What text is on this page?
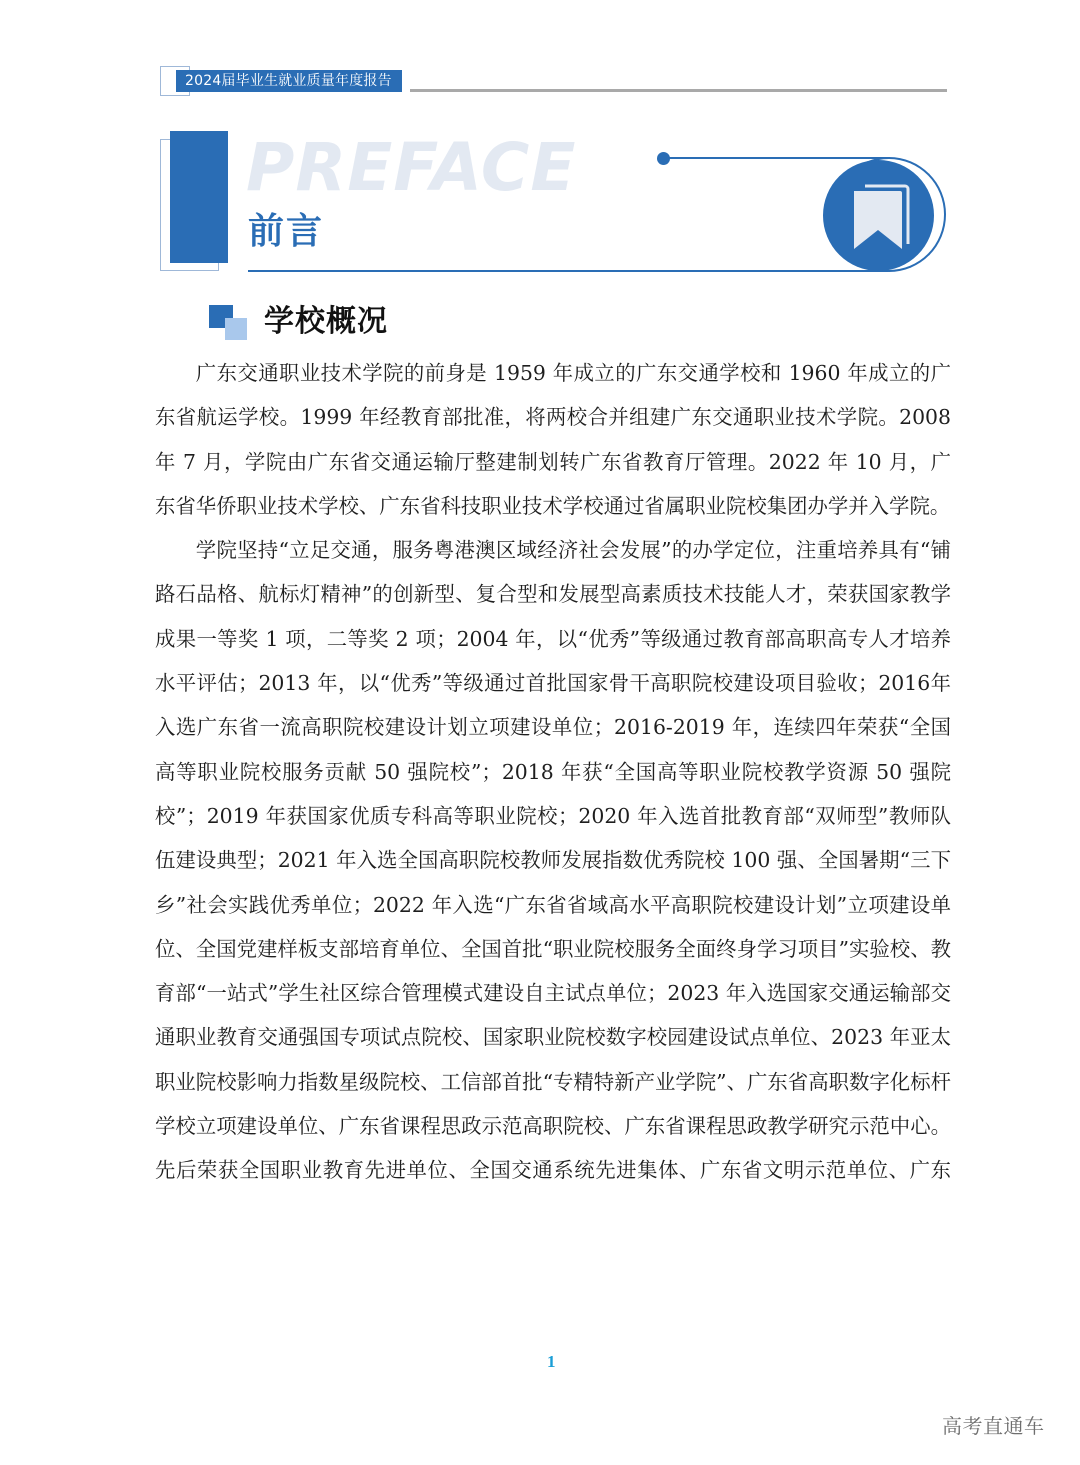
2024届毕业生就业质量年度报告
PREFACE
前言
学校概况

广东交通职业技术学院的前身是 1959 年成立的广东交通学校和 1960 年成立的广东省航运学校。1999 年经教育部批准，将两校合并组建广东交通职业技术学院。2008 年 7 月，学院由广东省交通运输厅整建制划转广东省教育厅管理。2022 年 10 月，广东省华侨职业技术学校、广东省科技职业技术学校通过省属职业院校集团办学并入学院。

学院坚持“立足交通，服务粤港澳区域经济社会发展”的办学定位，注重培养具有“铺路石品格、航标灯精神”的创新型、复合型和发展型高素质技术技能人才，荣获国家教学成果一等奖 1 项，二等奖 2 项；2004 年，以“优秀”等级通过教育部高职高专人才培养水平评估；2013 年，以“优秀”等级通过首批国家骨干高职院校建设项目验收；2016年入选广东省一流高职院校建设计划立项建设单位；2016-2019 年，连续四年荣获“全国高等职业院校服务贡献 50 强院校”；2018 年获“全国高等职业院校教学资源 50 强院校”；2019 年获国家优质专科高等职业院校；2020 年入选首批教育部“双师型”教师队伍建设典型；2021 年入选全国高职院校教师发展指数优秀院校 100 强、全国暑期“三下乡”社会实践优秀单位；2022 年入选“广东省省域高水平高职院校建设计划”立项建设单位、全国党建样板支部培育单位、全国首批“职业院校服务全面终身学习项目”实验校、教育部“一站式”学生社区综合管理模式建设自主试点单位；2023 年入选国家交通运输部交通职业教育交通强国专项试点院校、国家职业院校数字校园建设试点单位、2023 年亚太职业院校影响力指数星级院校、工信部首批“专精特新产业学院”、广东省高职数字化标杆学校立项建设单位、广东省课程思政示范高职院校、广东省课程思政教学研究示范中心。先后荣获全国职业教育先进单位、全国交通系统先进集体、广东省文明示范单位、广东

1
高考直通车
